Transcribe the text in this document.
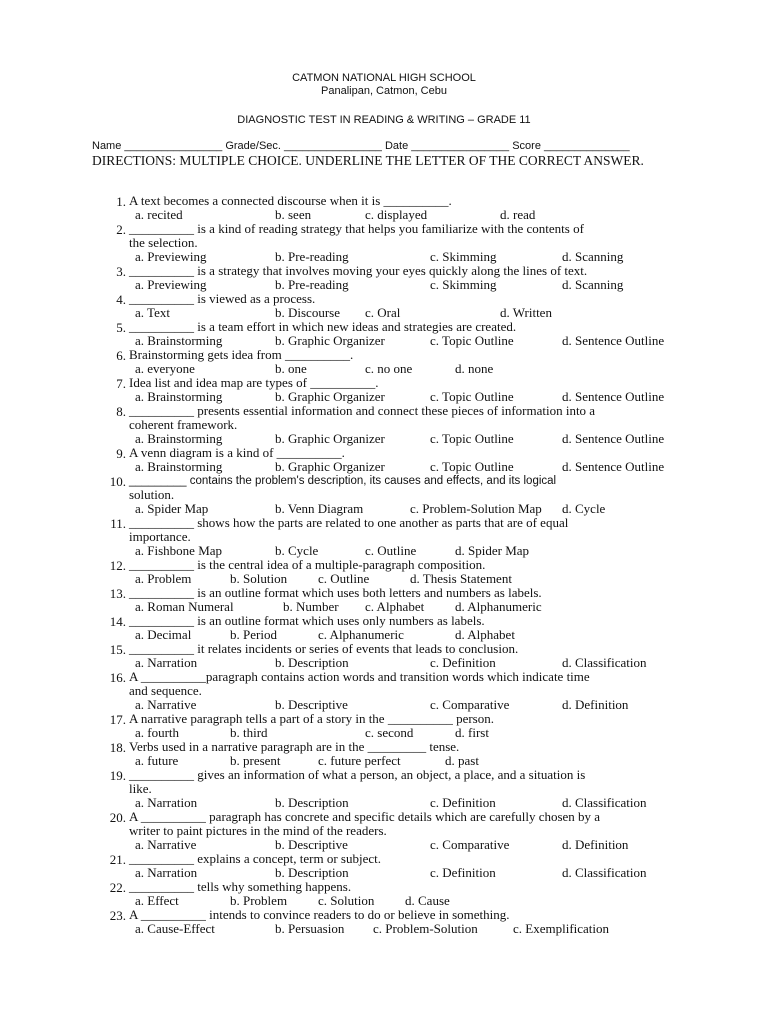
CATMON NATIONAL HIGH SCHOOL
Panalipan, Catmon, Cebu
DIAGNOSTIC TEST IN READING & WRITING – GRADE 11
Name ________________ Grade/Sec. ________________ Date ________________ Score ______________
DIRECTIONS: MULTIPLE CHOICE. UNDERLINE THE LETTER OF THE CORRECT ANSWER.
1. A text becomes a connected discourse when it is __________.
a. recited	b. seen	c. displayed	d. read
2. __________ is a kind of reading strategy that helps you familiarize with the contents of
the selection.
a. Previewing	b. Pre-reading	c. Skimming	d. Scanning
3. __________ is a strategy that involves moving your eyes quickly along the lines of text.
a. Previewing	b. Pre-reading	c. Skimming	d. Scanning
4. __________ is viewed as a process.
a. Text	b. Discourse c. Oral	d. Written
5. __________ is a team effort in which new ideas and strategies are created.
a. Brainstorming	b. Graphic Organizer	c. Topic Outline	d. Sentence Outline
6. Brainstorming gets idea from __________.
a. everyone	b. one	c. no one	d. none
7. Idea list and idea map are types of __________.
a. Brainstorming	b. Graphic Organizer	c. Topic Outline	d. Sentence Outline
8. __________ presents essential information and connect these pieces of information into a
coherent framework.
a. Brainstorming	b. Graphic Organizer	c. Topic Outline	d. Sentence Outline
9. A venn diagram is a kind of __________.
a. Brainstorming	b. Graphic Organizer	c. Topic Outline	d. Sentence Outline
10. _________ contains the problem's description, its causes and effects, and its logical
solution.
a. Spider Map	b. Venn Diagram	c. Problem-Solution Map d. Cycle
11. __________ shows how the parts are related to one another as parts that are of equal
importance.
a. Fishbone Map	b. Cycle	c. Outline	d. Spider Map
12. __________ is the central idea of a multiple-paragraph composition.
a. Problem	b. Solution c. Outline	d. Thesis Statement
13. __________ is an outline format which uses both letters and numbers as labels.
a. Roman Numeral	b. Number c. Alphabet d. Alphanumeric
14. __________ is an outline format which uses only numbers as labels.
a. Decimal	b. Period	c. Alphanumeric	d. Alphabet
15. __________ it relates incidents or series of events that leads to conclusion.
a. Narration	b. Description	c. Definition	d. Classification
16. A __________paragraph contains action words and transition words which indicate time
and sequence.
a. Narrative	b. Descriptive	c. Comparative	d. Definition
17. A narrative paragraph tells a part of a story in the __________ person.
a. fourth	b. third	c. second	d. first
18. Verbs used in a narrative paragraph are in the _________ tense.
a. future	b. present	c. future perfect	d. past
19. __________ gives an information of what a person, an object, a place, and a situation is
like.
a. Narration	b. Description	c. Definition	d. Classification
20. A __________ paragraph has concrete and specific details which are carefully chosen by a
writer to paint pictures in the mind of the readers.
a. Narrative	b. Descriptive	c. Comparative	d. Definition
21. __________ explains a concept, term or subject.
a. Narration	b. Description	c. Definition	d. Classification
22. __________ tells why something happens.
a. Effect	b. Problem c. Solution d. Cause
23. A __________ intends to convince readers to do or believe in something.
a. Cause-Effect	b. Persuasion c. Problem-Solution	c. Exemplification
